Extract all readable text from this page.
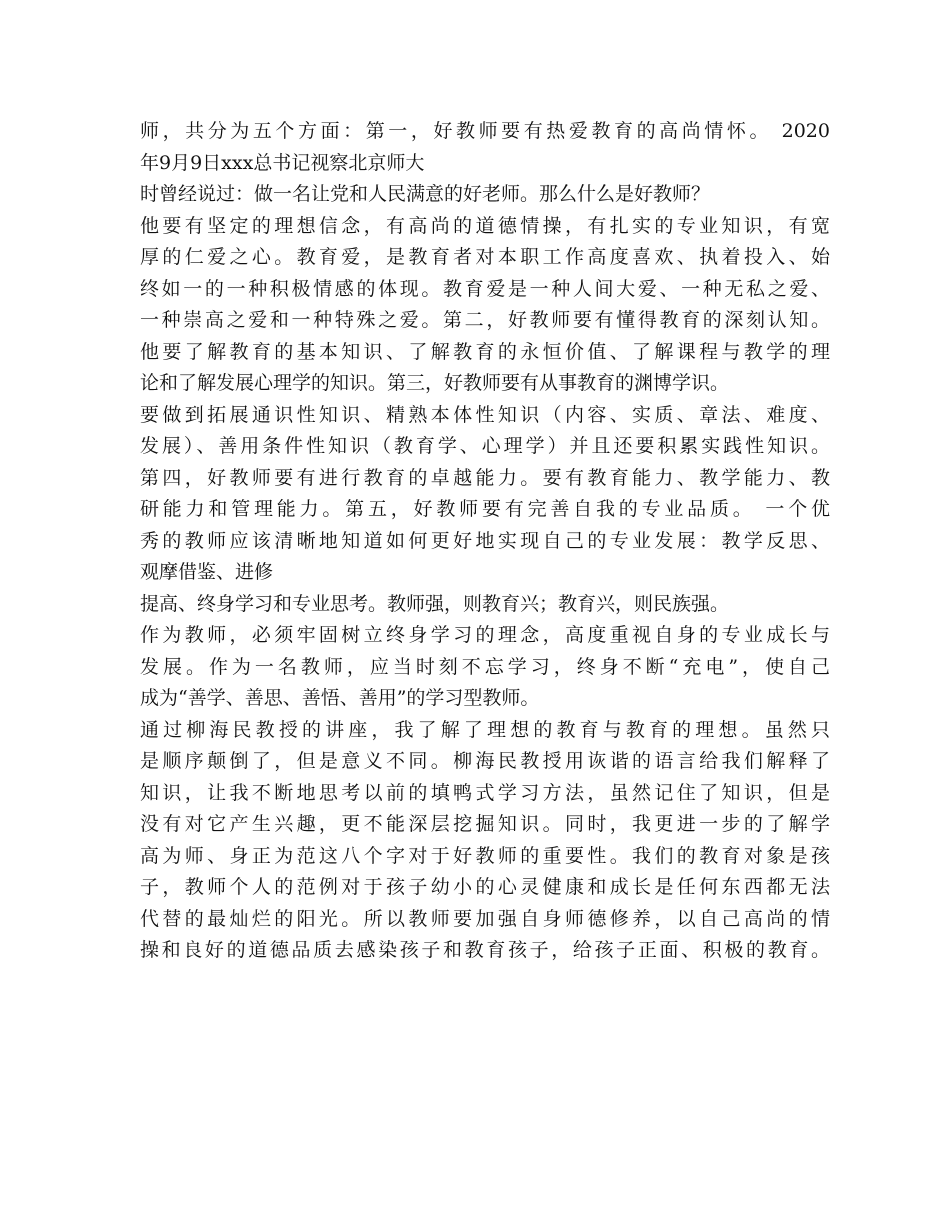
师，共分为五个方面：第一，好教师要有热爱教育的高尚情怀。 2020
年9月9日xxx总书记视察北京师大
时曾经说过：做一名让党和人民满意的好老师。那么什么是好教师？
他要有坚定的理想信念，有高尚的道德情操，有扎实的专业知识，有宽
厚的仁爱之心。教育爱，是教育者对本职工作高度喜欢、执着投入、始
终如一的一种积极情感的体现。教育爱是一种人间大爱、一种无私之爱、
一种崇高之爱和一种特殊之爱。第二，好教师要有懂得教育的深刻认知。
他要了解教育的基本知识、了解教育的永恒价值、了解课程与教学的理
论和了解发展心理学的知识。第三，好教师要有从事教育的渊博学识。
要做到拓展通识性知识、精熟本体性知识（内容、实质、章法、难度、
发展）、善用条件性知识（教育学、心理学）并且还要积累实践性知识。
第四，好教师要有进行教育的卓越能力。要有教育能力、教学能力、教
研能力和管理能力。第五，好教师要有完善自我的专业品质。 一个优
秀的教师应该清晰地知道如何更好地实现自己的专业发展：教学反思、
观摩借鉴、进修
提高、终身学习和专业思考。教师强，则教育兴；教育兴，则民族强。
作为教师，必须牢固树立终身学习的理念，高度重视自身的专业成长与
发展。作为一名教师，应当时刻不忘学习，终身不断“充电”，使自己
成为“善学、善思、善悟、善用”的学习型教师。
通过柳海民教授的讲座，我了解了理想的教育与教育的理想。虽然只
是顺序颠倒了，但是意义不同。柳海民教授用诙谐的语言给我们解释了
知识，让我不断地思考以前的填鸭式学习方法，虽然记住了知识，但是
没有对它产生兴趣，更不能深层挖掘知识。同时，我更进一步的了解学
高为师、身正为范这八个字对于好教师的重要性。我们的教育对象是孩
子，教师个人的范例对于孩子幼小的心灵健康和成长是任何东西都无法
代替的最灿烂的阳光。所以教师要加强自身师德修养，以自己高尚的情
操和良好的道德品质去感染孩子和教育孩子，给孩子正面、积极的教育。
